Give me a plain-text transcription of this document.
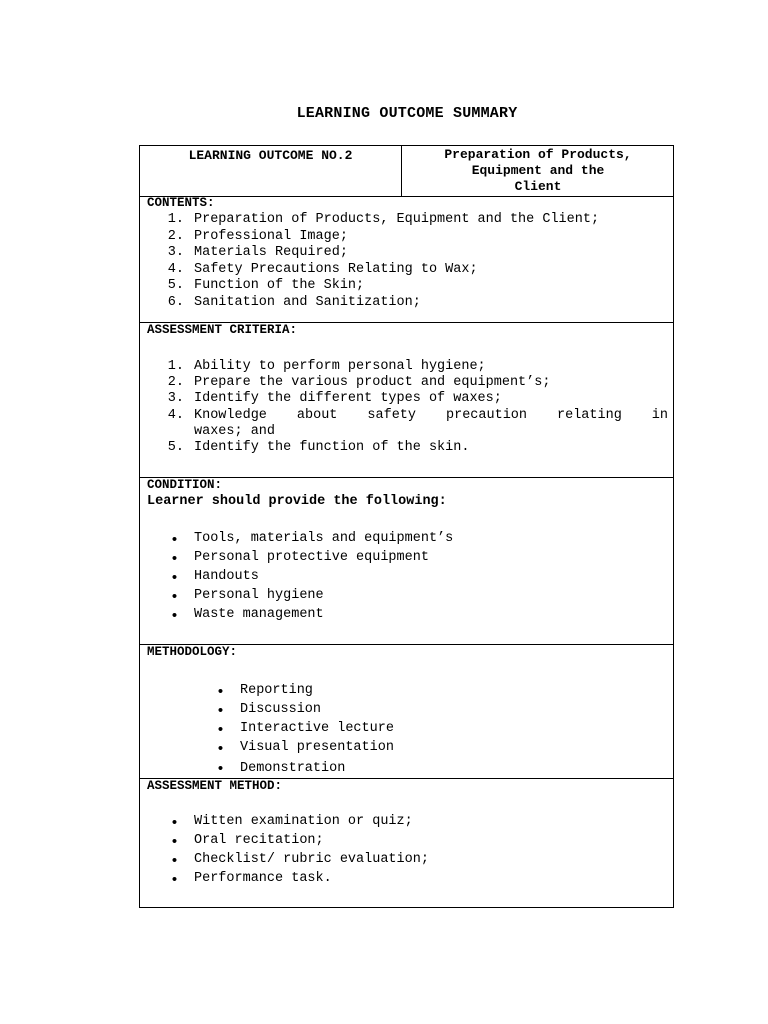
LEARNING OUTCOME SUMMARY
LEARNING OUTCOME NO.2	Preparation of Products,
Equipment and the
Client
CONTENTS:
1. Preparation of Products, Equipment and the Client;
2. Professional Image;
3. Materials Required;
4. Safety Precautions Relating to Wax;
5. Function of the Skin;
6. Sanitation and Sanitization;
ASSESSMENT CRITERIA:
1. Ability to perform personal hygiene;
2. Prepare the various product and equipment’s;
3. Identify the different types of waxes;
4. Knowledge about safety precaution relating in
waxes; and
5. Identify the function of the skin.
CONDITION:
Learner should provide the following:
• Tools, materials and equipment’s
• Personal protective equipment
• Handouts
• Personal hygiene
• Waste management
METHODOLOGY:
• Reporting
• Discussion
• Interactive lecture
• Visual presentation
• Demonstration
ASSESSMENT METHOD:
• Witten examination or quiz;
• Oral recitation;
• Checklist/ rubric evaluation;
• Performance task.
